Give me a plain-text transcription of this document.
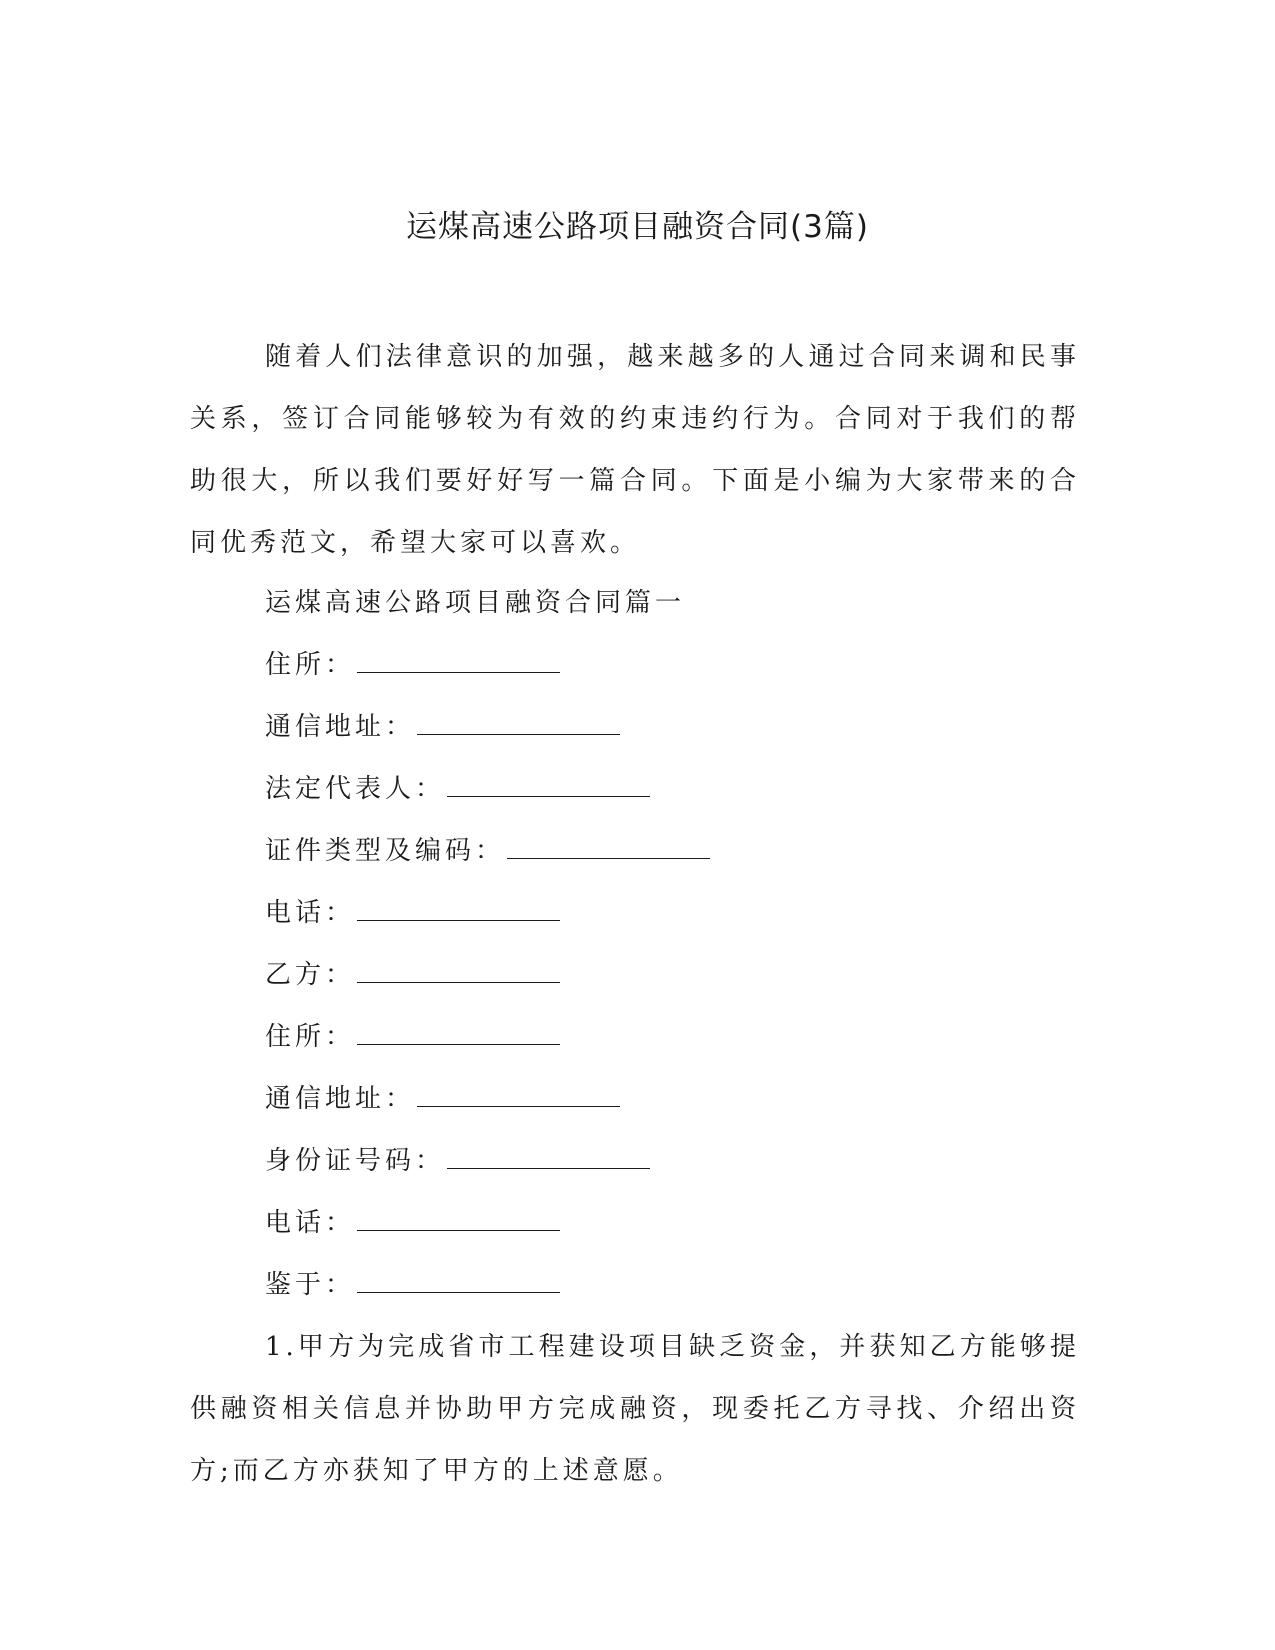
运煤高速公路项目融资合同(3篇)

随着人们法律意识的加强，越来越多的人通过合同来调和民事关系，签订合同能够较为有效的约束违约行为。合同对于我们的帮助很大，所以我们要好好写一篇合同。下面是小编为大家带来的合同优秀范文，希望大家可以喜欢。

运煤高速公路项目融资合同篇一
住所：
通信地址：
法定代表人：
证件类型及编码：
电话：
乙方：
住所：
通信地址：
身份证号码：
电话：
鉴于：

1.甲方为完成省市工程建设项目缺乏资金，并获知乙方能够提供融资相关信息并协助甲方完成融资，现委托乙方寻找、介绍出资方;而乙方亦获知了甲方的上述意愿。
